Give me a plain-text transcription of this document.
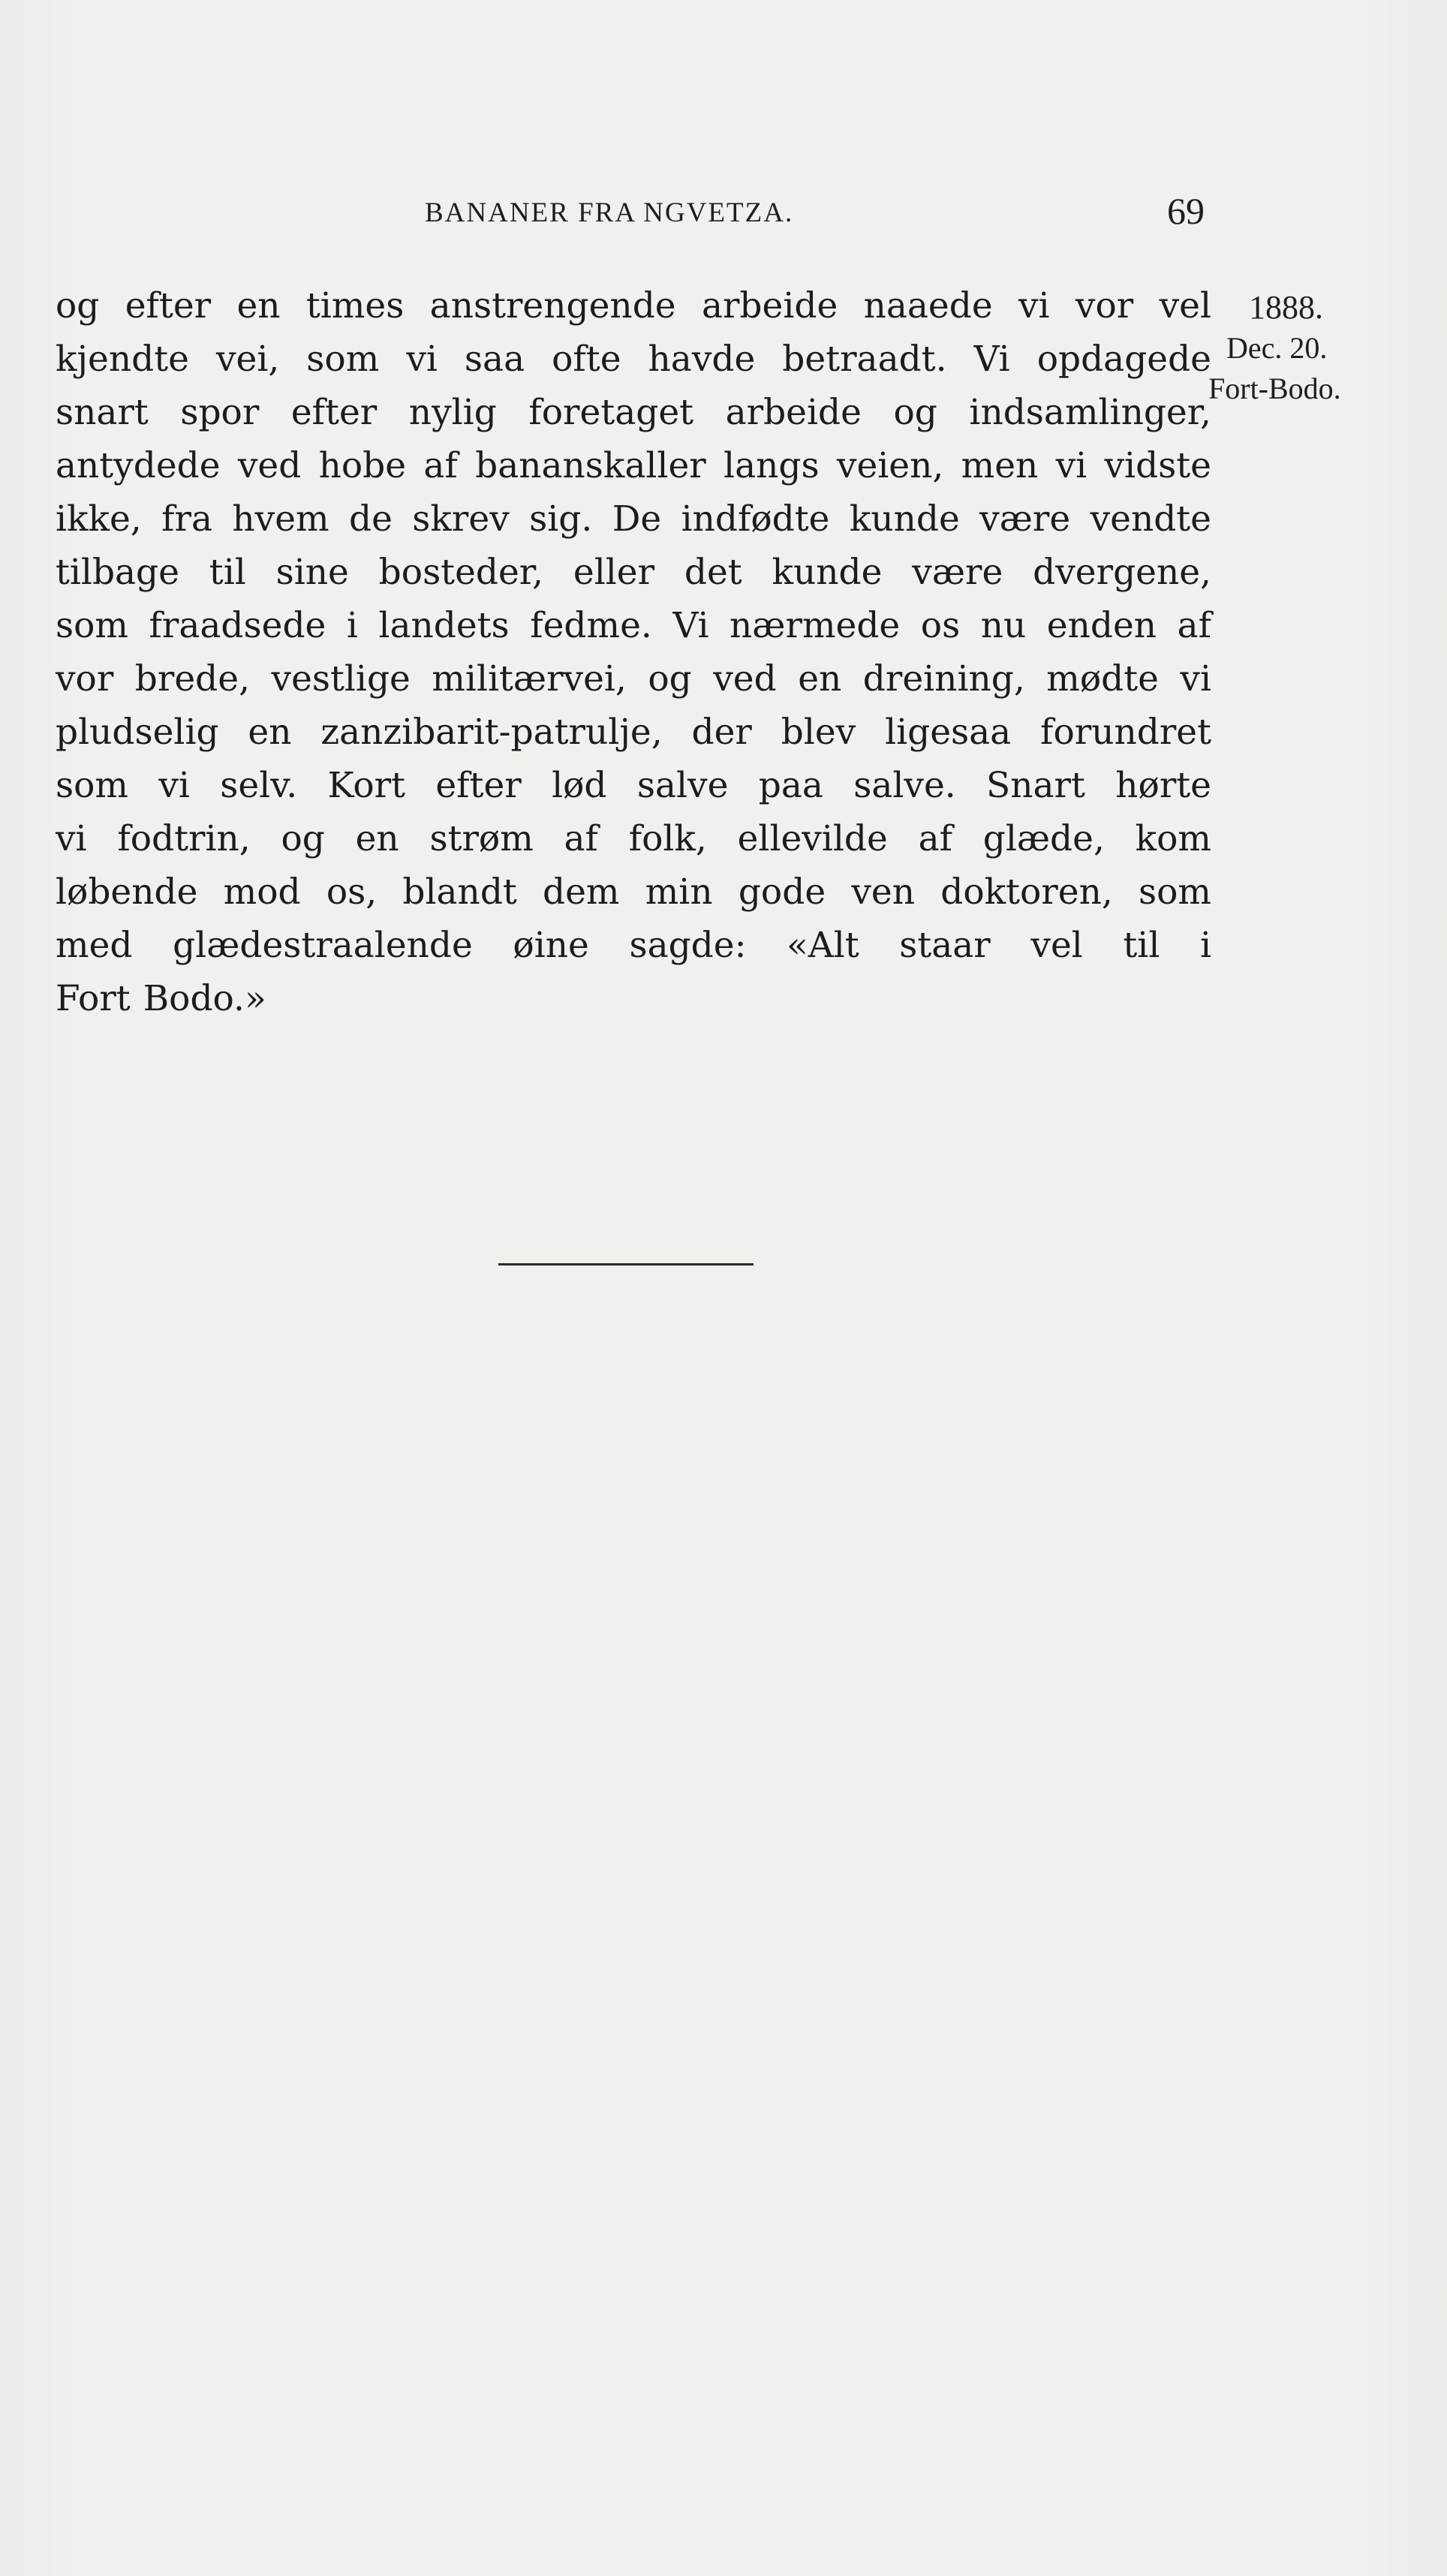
BANANER FRA NGVETZA.	69
1888.
Dec. 20.
Fort-Bodo.
og efter en times anstrengende arbeide naaede vi vor vel
kjendte vei, som vi saa ofte havde betraadt. Vi opdagede
snart spor efter nylig foretaget arbeide og indsamlinger,
antydede ved hobe af bananskaller langs veien, men vi vidste
ikke, fra hvem de skrev sig. De indfødte kunde være vendte
tilbage til sine bosteder, eller det kunde være dvergene,
som fraadsede i landets fedme. Vi nærmede os nu enden af
vor brede, vestlige militærvei, og ved en dreining, mødte vi
pludselig en zanzibarit-patrulje, der blev ligesaa forundret
som vi selv. Kort efter lød salve paa salve. Snart hørte
vi fodtrin, og en strøm af folk, ellevilde af glæde, kom
løbende mod os, blandt dem min gode ven doktoren, som
med glædestraalende øine sagde: «Alt staar vel til i
Fort Bodo.»
